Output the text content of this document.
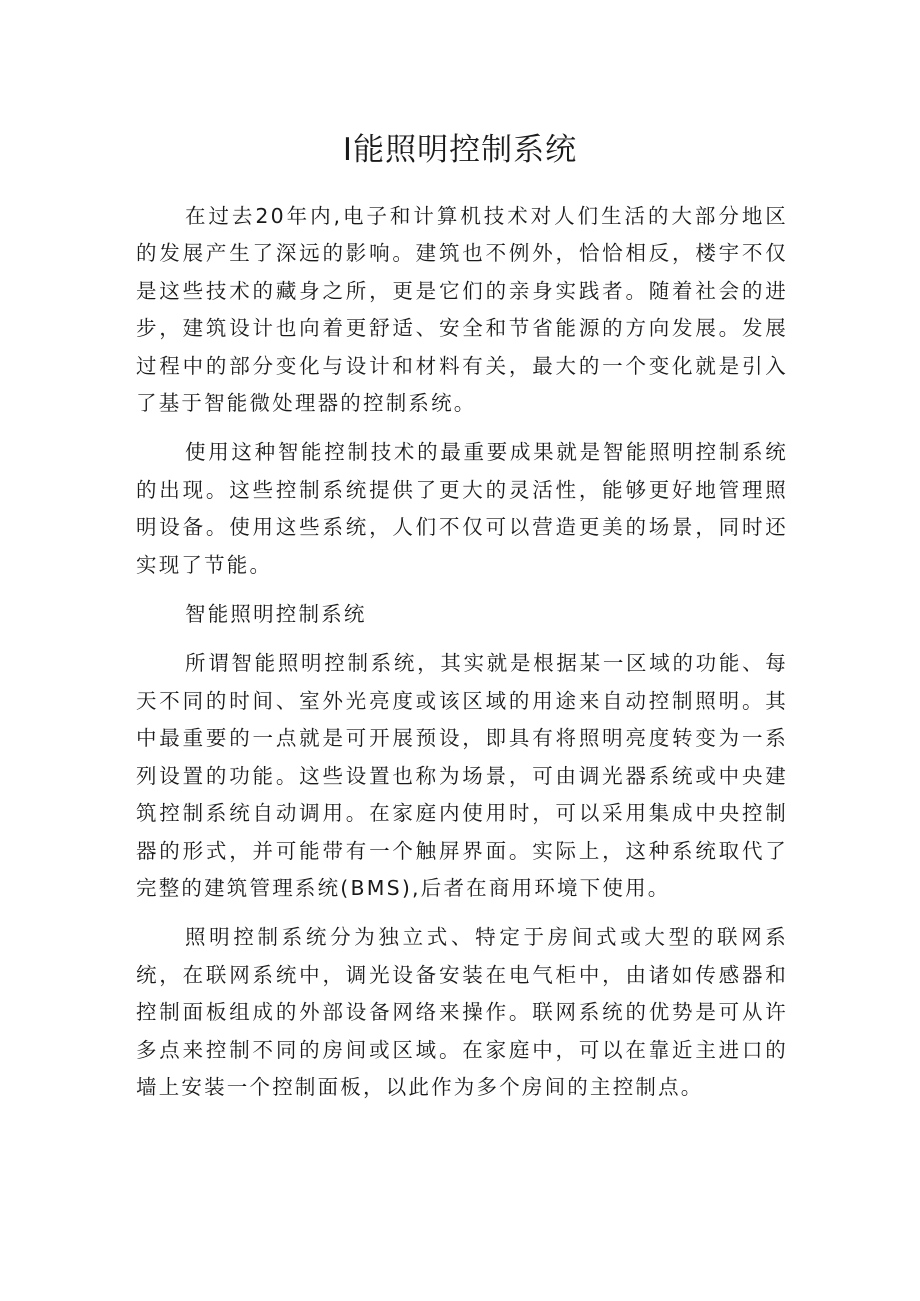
I能照明控制系统

在过去20年内,电子和计算机技术对人们生活的大部分地区的发展产生了深远的影响。建筑也不例外，恰恰相反，楼宇不仅是这些技术的藏身之所，更是它们的亲身实践者。随着社会的进步，建筑设计也向着更舒适、安全和节省能源的方向发展。发展过程中的部分变化与设计和材料有关，最大的一个变化就是引入了基于智能微处理器的控制系统。

使用这种智能控制技术的最重要成果就是智能照明控制系统的出现。这些控制系统提供了更大的灵活性，能够更好地管理照明设备。使用这些系统，人们不仅可以营造更美的场景，同时还实现了节能。

智能照明控制系统

所谓智能照明控制系统，其实就是根据某一区域的功能、每天不同的时间、室外光亮度或该区域的用途来自动控制照明。其中最重要的一点就是可开展预设，即具有将照明亮度转变为一系列设置的功能。这些设置也称为场景，可由调光器系统或中央建筑控制系统自动调用。在家庭内使用时，可以采用集成中央控制器的形式，并可能带有一个触屏界面。实际上，这种系统取代了完整的建筑管理系统(BMS),后者在商用环境下使用。

照明控制系统分为独立式、特定于房间式或大型的联网系统，在联网系统中，调光设备安装在电气柜中，由诸如传感器和控制面板组成的外部设备网络来操作。联网系统的优势是可从许多点来控制不同的房间或区域。在家庭中，可以在靠近主进口的墙上安装一个控制面板，以此作为多个房间的主控制点。
